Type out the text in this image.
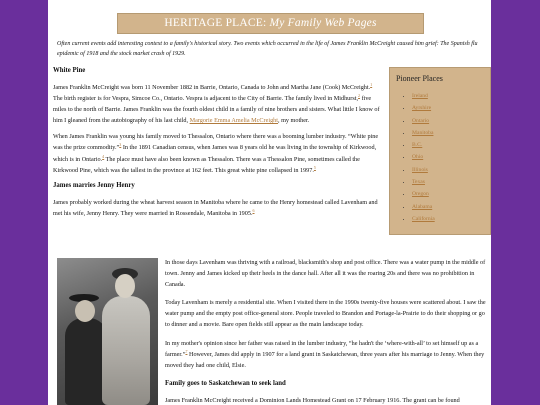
HERITAGE PLACE: My Family Web Pages
Often current events add interesting context to a family's historical story. Two events which occurred in the life of James Franklin McCreight caused him grief: The Spanish flu epidemic of 1918 and the stock market crash of 1929.
White Pine

James Franklin McCreight was born 11 November 1882 in Barrie, Ontario, Canada to John and Martha Jane (Cook) McCreight.$^1$ The birth register is for Vespra, Simcoe Co., Ontario. Vespra is adjacent to the City of Barrie. The family lived in Midhurst,$^2$ five miles to the north of Barrie. James Franklin was the fourth oldest child in a family of nine brothers and sisters. What little I know of him I gleaned from the autobiography of his last child, Margorie Emma Amelia McCreight, my mother.

When James Franklin was young his family moved to Thessalon, Ontario where there was a booming lumber industry. “White pine was the prize commodity.”$^3$ In the 1891 Canadian census, when James was 8 years old he was living in the township of Kirkwood, which is in Ontario.$^4$ The place must have also been known as Thessalon. There was a Thessalon Pine, sometimes called the Kirkwood Pine, which was the tallest in the province at 162 feet. This great white pine collapsed in 1997.$^5$

James marries Jenny Henry

James probably worked during the wheat harvest season in Manitoba where he came to the Henry homestead called Lavenham and met his wife, Jenny Henry. They were married in Rossendale, Manitoba in 1905.$^6$

Pioneer Places
• Ireland
• Ayrshire
• Ontario
• Manitoba
• B.C.
• Ohio
• Illinois
• Texas
• Oregon
• Alabama
• California

In those days Lavenham was thriving with a railroad, blacksmith's shop and post office. There was a water pump in the middle of town. Jenny and James kicked up their heels in the dance hall. After all it was the roaring 20s and there was no prohibition in Canada.

Today Lavenham is merely a residential site. When I visited there in the 1990s twenty-five houses were scattered about. I saw the water pump and the empty post office-general store. People traveled to Brandon and Portage-la-Prairie to do their shopping or go to dinner and a movie. Bare open fields still appear as the main landscape today.

In my mother's opinion since her father was raised in the lumber industry, “he hadn't the ‘where-with-all’ to set himself up as a farmer.”$^7$ However, James did apply in 1907 for a land grant in Saskatchewan, three years after his marriage to Jenny. When they moved they had one child, Elsie.

Family goes to Saskatchewan to seek land

James Franklin McCreight received a Dominion Lands Homestead Grant on 17 February 1916. The grant can be found
